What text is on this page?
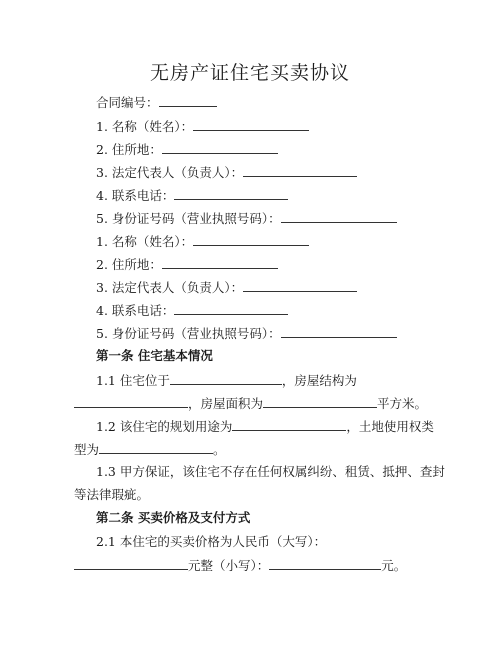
无房产证住宅买卖协议
合同编号：
1. 名称（姓名）：
2. 住所地：
3. 法定代表人（负责人）：
4. 联系电话：
5. 身份证号码（营业执照号码）：
1. 名称（姓名）：
2. 住所地：
3. 法定代表人（负责人）：
4. 联系电话：
5. 身份证号码（营业执照号码）：
第一条 住宅基本情况
1.1 住宅位于	，房屋结构为
，房屋面积为	平方米。
1.2 该住宅的规划用途为	，土地使用权类
型为	。
1.3 甲方保证，该住宅不存在任何权属纠纷、租赁、抵押、查封
等法律瑕疵。
第二条 买卖价格及支付方式
2.1 本住宅的买卖价格为人民币（大写）：
元整（小写）：	元。
